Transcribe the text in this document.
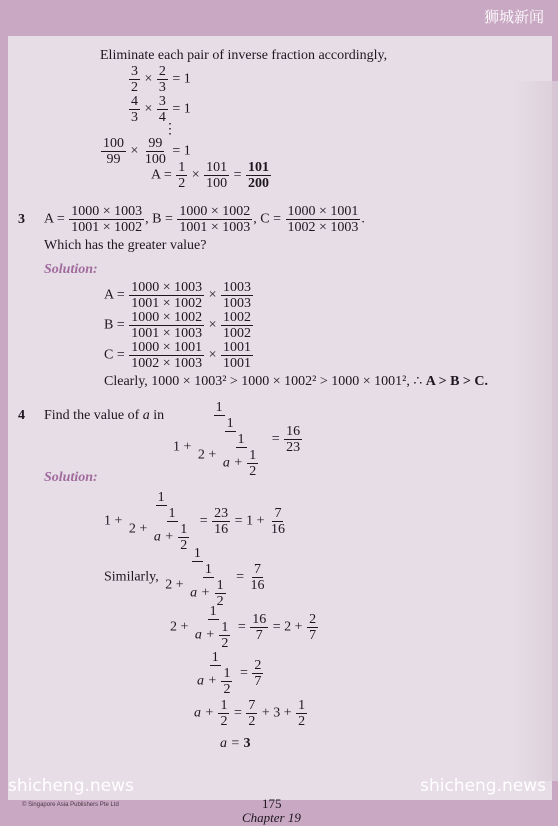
Eliminate each pair of inverse fraction accordingly,
$\frac{3}{2} \times \frac{2}{3} = 1$
$\frac{4}{3} \times \frac{3}{4} = 1$
⋮
$\frac{100}{99} \times \frac{99}{100} = 1$
$A = \frac{1}{2} \times \frac{101}{100} = \frac{101}{200}$
3 $A = \frac{1000 \times 1003}{1001 \times 1002}$ , $B = \frac{1000 \times 1002}{1001 \times 1003}$ , $C = \frac{1000 \times 1001}{1002 \times 1003}$ .
Which has the greater value?
Solution:
$A = \frac{1000 \times 1003}{1001 \times 1002} \times \frac{1003}{1003}$
$B = \frac{1000 \times 1002}{1001 \times 1003} \times \frac{1002}{1002}$
$C = \frac{1000 \times 1001}{1002 \times 1003} \times \frac{1001}{1001}$
Clearly, 1000 × 1003² > 1000 × 1002² > 1000 × 1001², ∴ A > B > C.
4 Find the value of a in
1
$1 + \frac{1}{2 + \frac{1}{a + \frac{1}{2}}} = \frac{16}{23}$
Solution:
$1 + \frac{1}{2 + \frac{1}{a + \frac{1}{2}}} = \frac{23}{16} = 1 + \frac{7}{16}$
Similarly, $\frac{1}{2 + \frac{1}{a + \frac{1}{2}}} = \frac{7}{16}$
$2 + \frac{1}{a + \frac{1}{2}} = \frac{16}{7} = 2 + \frac{2}{7}$
$\frac{1}{a + \frac{1}{2}} = \frac{2}{7}$
$a + \frac{1}{2} = \frac{7}{2} + 3 + \frac{1}{2}$
a = 3
© Singapore Asia Publishers Pte Ltd	175
Chapter 19
狮城新闻
shicheng.news	shicheng.news
